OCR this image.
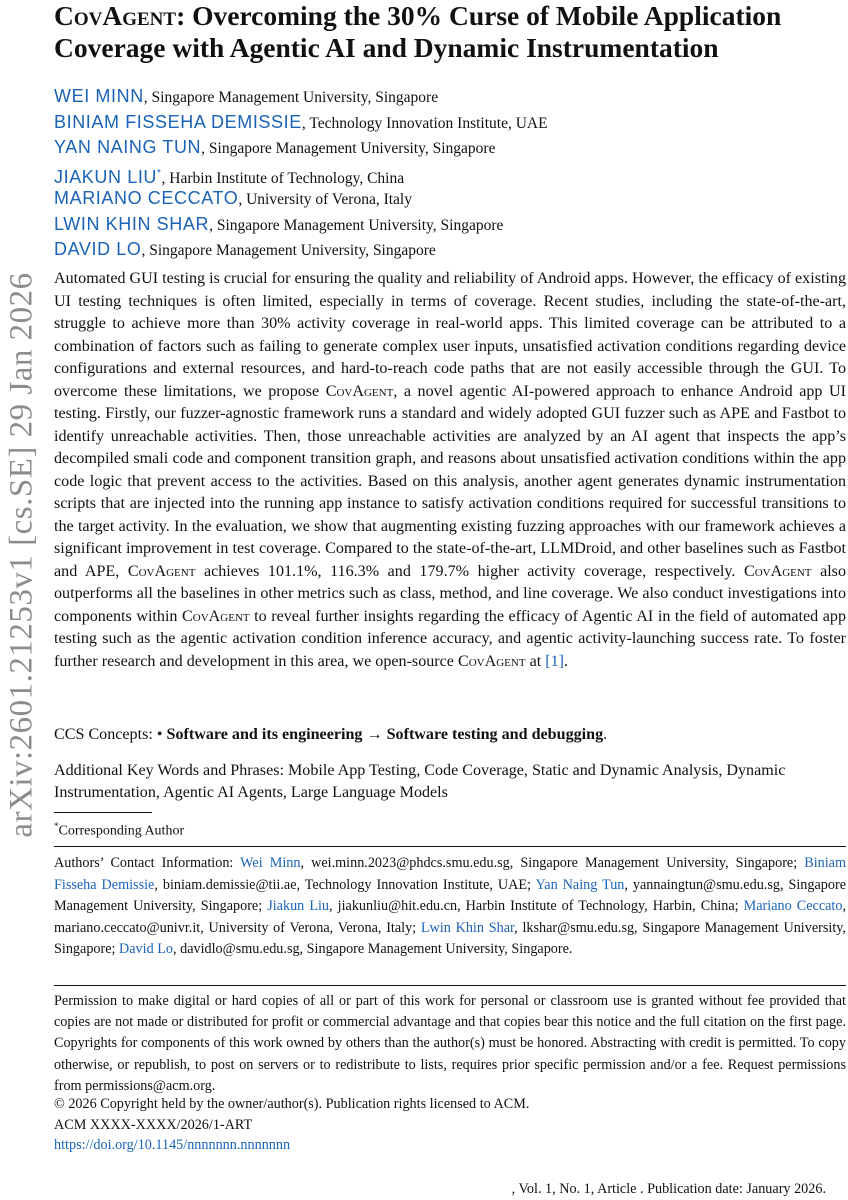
arXiv:2601.21253v1 [cs.SE] 29 Jan 2026
CovAgent: Overcoming the 30% Curse of Mobile Application
Coverage with Agentic AI and Dynamic Instrumentation
WEI MINN, Singapore Management University, Singapore
BINIAM FISSEHA DEMISSIE, Technology Innovation Institute, UAE
YAN NAING TUN, Singapore Management University, Singapore
JIAKUN LIU*, Harbin Institute of Technology, China
MARIANO CECCATO, University of Verona, Italy
LWIN KHIN SHAR, Singapore Management University, Singapore
DAVID LO, Singapore Management University, Singapore

Automated GUI testing is crucial for ensuring the quality and reliability of Android apps. However, the efficacy of existing UI testing techniques is often limited, especially in terms of coverage. Recent studies, including the state-of-the-art, struggle to achieve more than 30% activity coverage in real-world apps. This limited coverage can be attributed to a combination of factors such as failing to generate complex user inputs, unsatisfied activation conditions regarding device configurations and external resources, and hard-to-reach code paths that are not easily accessible through the GUI. To overcome these limitations, we propose CovAgent, a novel agentic AI-powered approach to enhance Android app UI testing. Firstly, our fuzzer-agnostic framework runs a standard and widely adopted GUI fuzzer such as APE and Fastbot to identify unreachable activities. Then, those unreachable activities are analyzed by an AI agent that inspects the app’s decompiled smali code and component transition graph, and reasons about unsatisfied activation conditions within the app code logic that prevent access to the activities. Based on this analysis, another agent generates dynamic instrumentation scripts that are injected into the running app instance to satisfy activation conditions required for successful transitions to the target activity. In the evaluation, we show that augmenting existing fuzzing approaches with our framework achieves a significant improvement in test coverage. Compared to the state-of-the-art, LLMDroid, and other baselines such as Fastbot and APE, CovAgent achieves 101.1%, 116.3% and 179.7% higher activity coverage, respectively. CovAgent also outperforms all the baselines in other metrics such as class, method, and line coverage. We also conduct investigations into components within CovAgent to reveal further insights regarding the efficacy of Agentic AI in the field of automated app testing such as the agentic activation condition inference accuracy, and agentic activity-launching success rate. To foster further research and development in this area, we open-source CovAgent at [1].

CCS Concepts: • Software and its engineering → Software testing and debugging.
Additional Key Words and Phrases: Mobile App Testing, Code Coverage, Static and Dynamic Analysis, Dynamic Instrumentation, Agentic AI Agents, Large Language Models
*Corresponding Author

Authors’ Contact Information: Wei Minn, wei.minn.2023@phdcs.smu.edu.sg, Singapore Management University, Singapore; Biniam Fisseha Demissie, biniam.demissie@tii.ae, Technology Innovation Institute, UAE; Yan Naing Tun, yannaingtun@smu.edu.sg, Singapore Management University, Singapore; Jiakun Liu, jiakunliu@hit.edu.cn, Harbin Institute of Technology, Harbin, China; Mariano Ceccato, mariano.ceccato@univr.it, University of Verona, Verona, Italy; Lwin Khin Shar, lkshar@smu.edu.sg, Singapore Management University, Singapore; David Lo, davidlo@smu.edu.sg, Singapore Management University, Singapore.

Permission to make digital or hard copies of all or part of this work for personal or classroom use is granted without fee provided that copies are not made or distributed for profit or commercial advantage and that copies bear this notice and the full citation on the first page. Copyrights for components of this work owned by others than the author(s) must be honored. Abstracting with credit is permitted. To copy otherwise, or republish, to post on servers or to redistribute to lists, requires prior specific permission and/or a fee. Request permissions from permissions@acm.org.

© 2026 Copyright held by the owner/author(s). Publication rights licensed to ACM.
ACM XXXX-XXXX/2026/1-ART
https://doi.org/10.1145/nnnnnnn.nnnnnnn
, Vol. 1, No. 1, Article . Publication date: January 2026.
